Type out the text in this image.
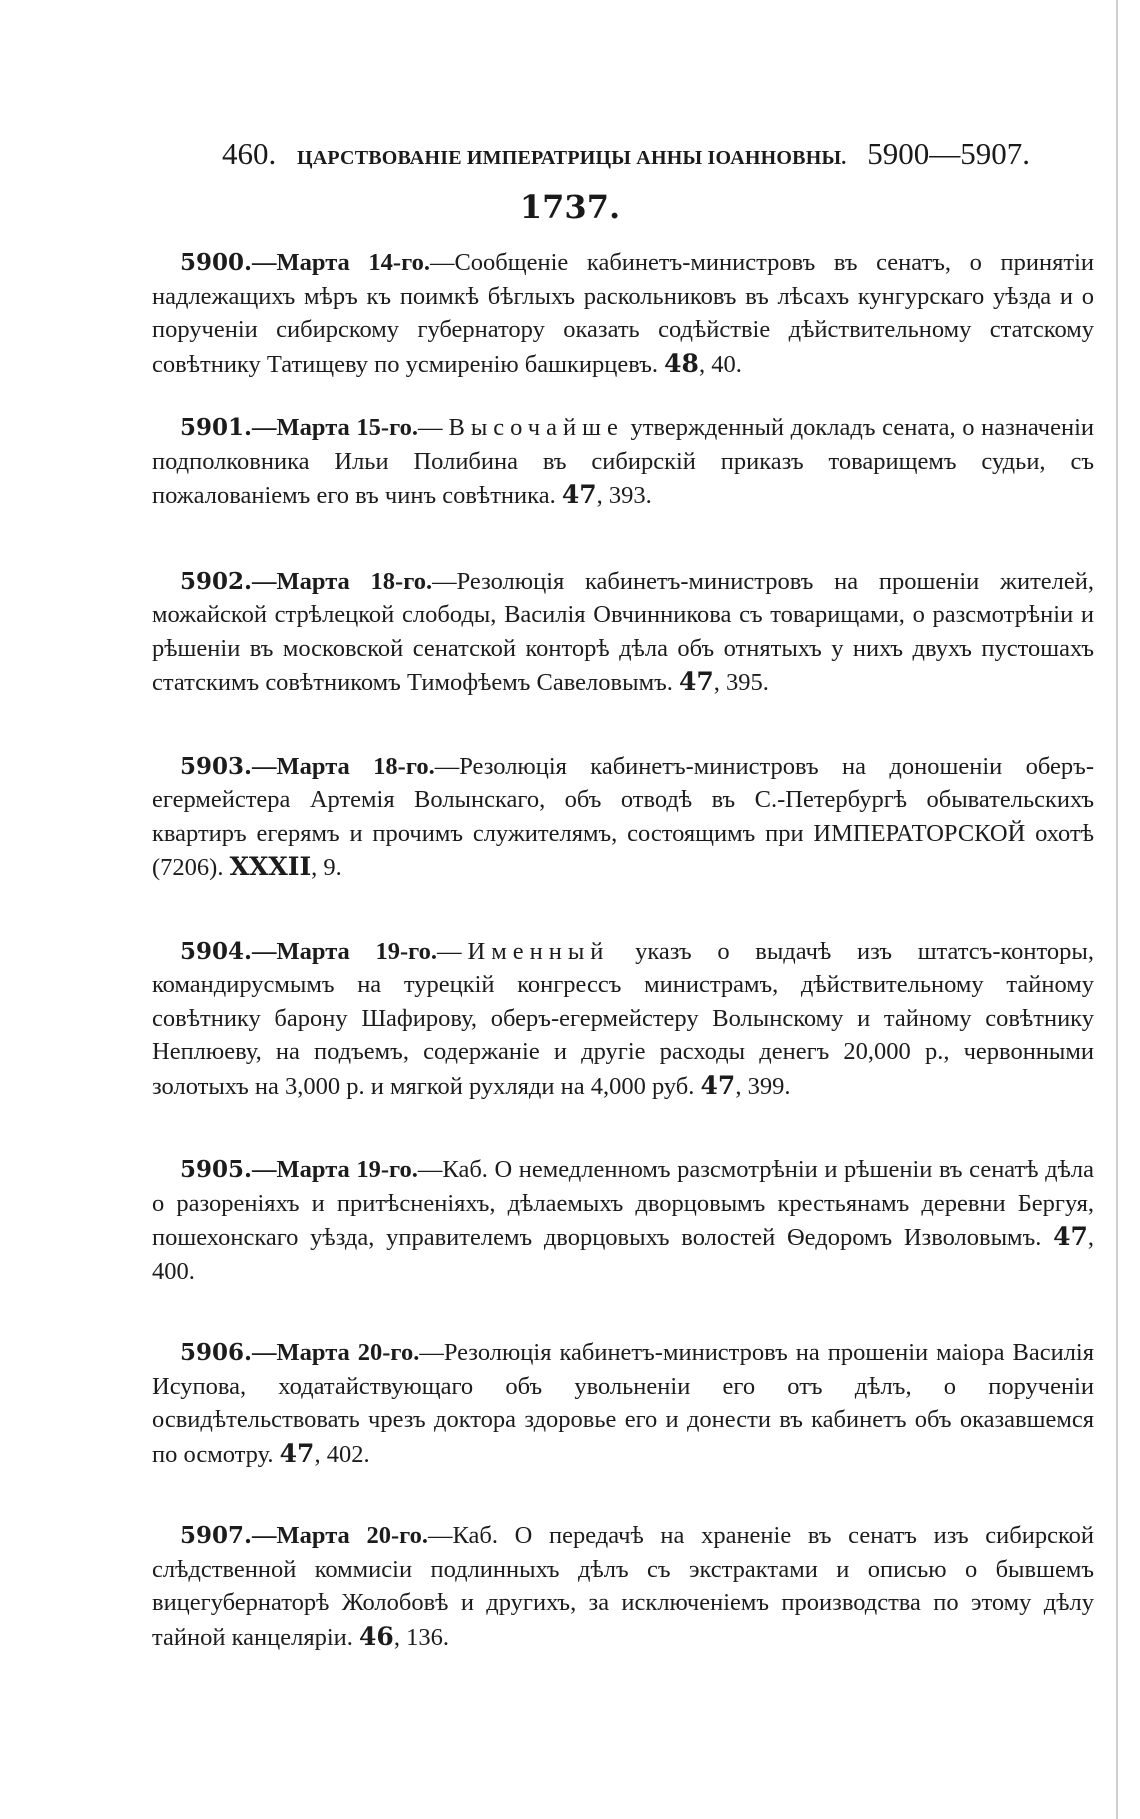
460. ЦАРСТВОВАНІЕ ИМПЕРАТРИЦЫ АННЫ ІОАННОВНЫ. 5900—5907.
1737.

5900.—Марта 14-го.—Сообщеніе кабинетъ-министровъ въ сенатъ, о принятіи надлежащихъ мѣръ къ поимкѣ бѣглыхъ раскольниковъ въ лѣсахъ кунгурскаго уѣзда и о порученіи сибирскому губернатору оказать содѣйствіе дѣйствительному статскому совѣтнику Татищеву по усмиренію башкирцевъ. 48, 40.

5901.—Марта 15-го.—Высочайше утвержденный докладъ сената, о назначеніи подполковника Ильи Полибина въ сибирскій приказъ товарищемъ судьи, съ пожалованіемъ его въ чинъ совѣтника. 47, 393.

5902.—Марта 18-го.—Резолюція кабинетъ-министровъ на прошеніи жителей, можайской стрѣлецкой слободы, Василія Овчинникова съ товарищами, о разсмотрѣніи и рѣшеніи въ московской сенатской конторѣ дѣла объ отнятыхъ у нихъ двухъ пустошахъ статскимъ совѣтникомъ Тимофѣемъ Савеловымъ. 47, 395.

5903.—Марта 18-го.—Резолюція кабинетъ-министровъ на доношеніи оберъ-егермейстера Артемія Волынскаго, объ отводѣ въ С.-Петербургѣ обывательскихъ квартиръ егерямъ и прочимъ служителямъ, состоящимъ при ИМПЕРАТОРСКОЙ охотѣ (7206). XXXII, 9.

5904.—Марта 19-го.—Именный указъ о выдачѣ изъ штатсъ-конторы, командирусмымъ на турецкій конгрессъ министрамъ, дѣйствительному тайному совѣтнику барону Шафирову, оберъ-егермейстеру Волынскому и тайному совѣтнику Неплюеву, на подъемъ, содержаніе и другіе расходы денегъ 20,000 р., червонными золотыхъ на 3,000 р. и мягкой рухляди на 4,000 руб. 47, 399.

5905.—Марта 19-го.—Каб. О немедленномъ разсмотрѣніи и рѣшеніи въ сенатѣ дѣла о разореніяхъ и притѣсненіяхъ, дѣлаемыхъ дворцовымъ крестьянамъ деревни Бергуя, пошехонскаго уѣзда, управителемъ дворцовыхъ волостей Ѳедоромъ Изволовымъ. 47, 400.

5906.—Марта 20-го.—Резолюція кабинетъ-министровъ на прошеніи маіора Василія Исупова, ходатайствующаго объ увольненіи его отъ дѣлъ, о порученіи освидѣтельствовать чрезъ доктора здоровье его и донести въ кабинетъ объ оказавшемся по осмотру. 47, 402.

5907.—Марта 20-го.—Каб. О передачѣ на храненіе въ сенатъ изъ сибирской слѣдственной коммисіи подлинныхъ дѣлъ съ экстрактами и описью о бывшемъ вицегубернаторѣ Жолобовѣ и другихъ, за исключеніемъ производства по этому дѣлу тайной канцеляріи. 46, 136.
